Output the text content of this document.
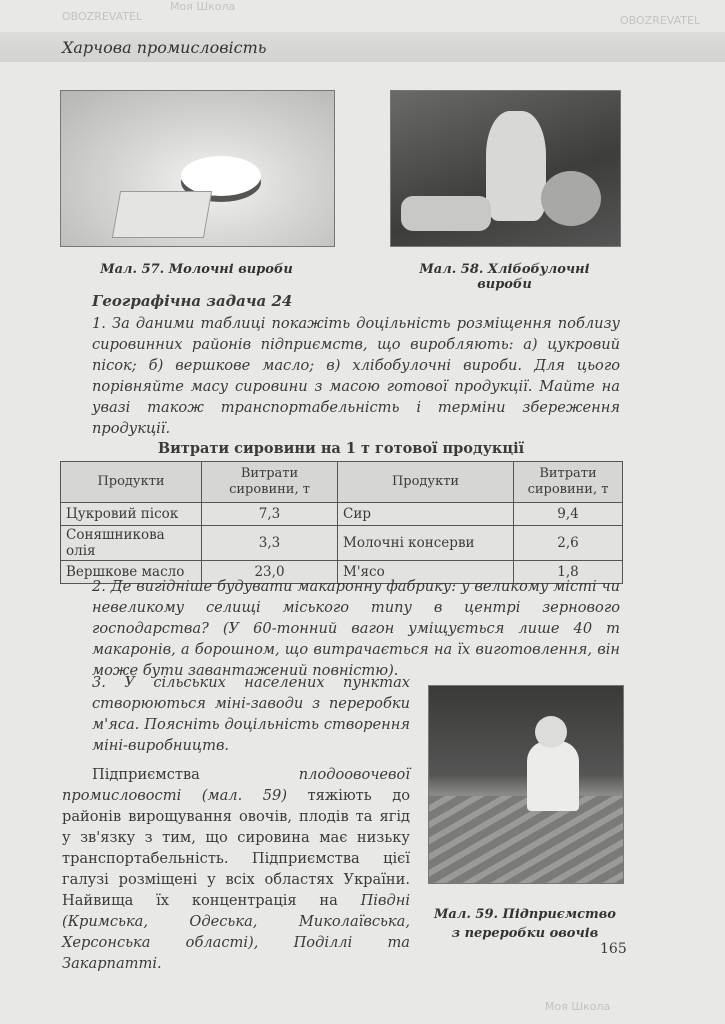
Харчова промисловість
Мал. 57. Молочні вироби	Мал. 58. Хлібобулочні вироби
Географічна задача 24
1. За даними таблиці покажіть доцільність розміщення поблизу сировинних районів підприємств, що виробляють: а) цукровий пісок; б) вершкове масло; в) хлібобулочні вироби. Для цього порівняйте масу сировини з масою готової продукції. Майте на увазі також транспортабельність і терміни збереження продукції.
Витрати сировини на 1 т готової продукції
Продукти	Витрати сировини, т	Продукти	Витрати сировини, т
Цукровий пісок	7,3	Сир	9,4
Соняшникова олія	3,3	Молочні консерви	2,6
Вершкове масло	23,0	М'ясо	1,8
2. Де вигідніше будувати макаронну фабрику: у великому місті чи невеликому селищі міського типу в центрі зернового господарства? (У 60-тонний вагон уміщується лише 40 т макаронів, а борошном, що витрачається на їх виготовлення, він може бути завантажений повністю).
3. У сільських населених пунктах створюються міні-заводи з переробки м'яса. Поясніть доцільність створення міні-виробництв.
Мал. 59. Підприємство
з переробки овочів
Підприємства плодоовочевої промисловості (мал. 59) тяжіють до районів вирощування овочів, плодів та ягід у зв'язку з тим, що сировина має низьку транспортабельність. Підприємства цієї галузі розміщені у всіх областях України. Найвища їх концентрація на Півдні (Кримська, Одеська, Миколаївська, Херсонська області), Поділлі та Закарпатті.
165
OBOZREVATEL
Моя Школа
OBOZREVATEL
Моя Школа
